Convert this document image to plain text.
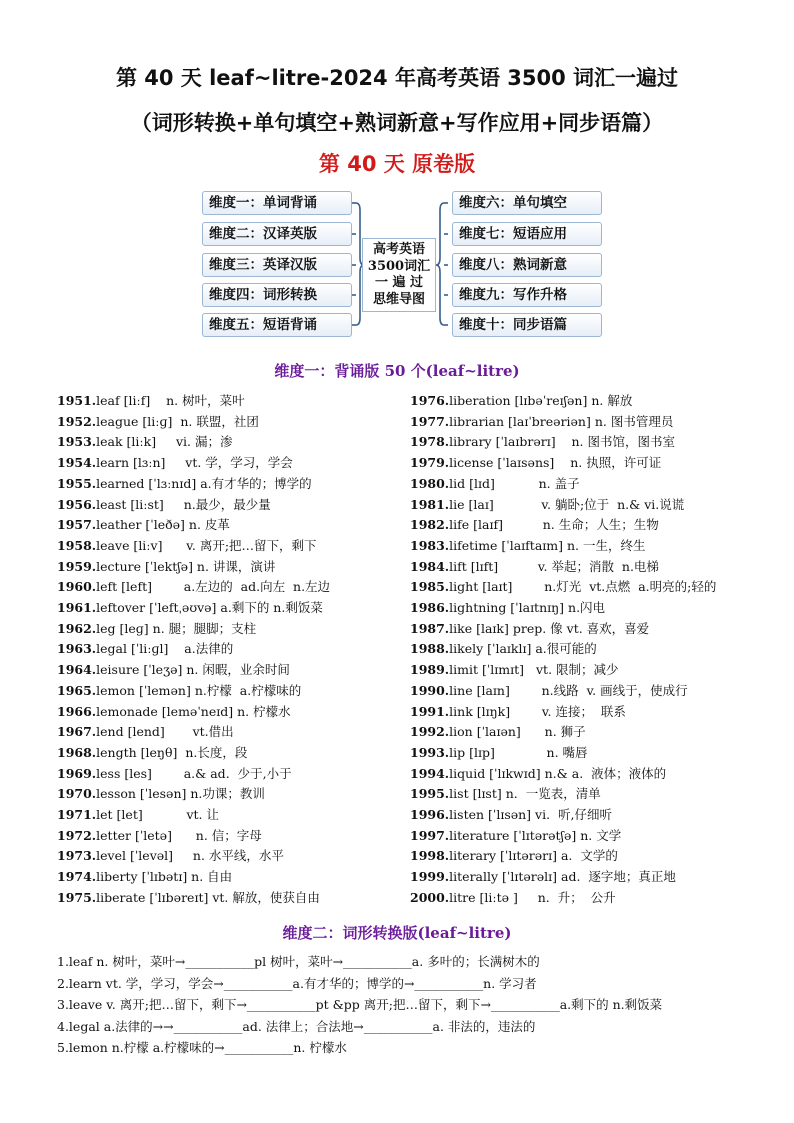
第 40 天 leaf~litre-2024 年高考英语 3500 词汇一遍过
（词形转换+单句填空+熟词新意+写作应用+同步语篇）
第 40 天 原卷版
维度一：单词背诵
维度二：汉译英版
维度三：英译汉版
维度四：词形转换
维度五：短语背诵
维度六：单句填空
维度七：短语应用
维度八：熟词新意
维度九：写作升格
维度十：同步语篇
高考英语
3500词汇
一 遍 过
思维导图
维度一：背诵版 50 个(leaf~litre)
1951.leaf [liːf]    n. 树叶，菜叶
1952.league [liːɡ]  n. 联盟，社团
1953.leak [liːk]     vi. 漏；渗
1954.learn [lɜːn]     vt. 学，学习，学会
1955.learned [ˈlɜːnɪd] a.有才华的；博学的
1956.least [liːst]     n.最少，最少量
1957.leather [ˈleðə] n. 皮革
1958.leave [liːv]      v. 离开;把…留下，剩下
1959.lecture [ˈlektʃə] n. 讲课，演讲
1960.left [left]        a.左边的  ad.向左  n.左边
1961.leftover [ˈleftˌəʊvə] a.剩下的 n.剩饭菜
1962.leg [leɡ] n. 腿；腿脚；支柱
1963.legal [ˈliːɡl]    a.法律的
1964.leisure [ˈleʒə] n. 闲暇，业余时间
1965.lemon [ˈlemən] n.柠檬  a.柠檬味的
1966.lemonade [leməˈneɪd] n. 柠檬水
1967.lend [lend]       vt.借出
1968.length [leŋθ]  n.长度，段
1969.less [les]        a.& ad.  少于,小于
1970.lesson [ˈlesən] n.功课；教训
1971.let [let]           vt. 让
1972.letter [ˈletə]      n. 信；字母
1973.level [ˈlevəl]     n. 水平线，水平
1974.liberty [ˈlɪbətɪ] n. 自由
1975.liberate [ˈlɪbəreɪt] vt. 解放，使获自由
1976.liberation [lɪbəˈreɪʃən] n. 解放
1977.librarian [laɪˈbreəriən] n. 图书管理员
1978.library [ˈlaɪbrərɪ]    n. 图书馆，图书室
1979.license [ˈlaɪsəns]    n. 执照，许可证
1980.lid [lɪd]           n. 盖子
1981.lie [laɪ]            v. 躺卧;位于  n.& vi.说谎
1982.life [laɪf]          n. 生命；人生；生物
1983.lifetime [ˈlaɪftaɪm] n. 一生，终生
1984.lift [lɪft]          v. 举起；消散  n.电梯
1985.light [laɪt]        n.灯光  vt.点燃  a.明亮的;轻的
1986.lightning [ˈlaɪtnɪŋ] n.闪电
1987.like [laɪk] prep. 像 vt. 喜欢，喜爱
1988.likely [ˈlaɪklɪ] a.很可能的
1989.limit [ˈlɪmɪt]   vt. 限制；减少
1990.line [laɪn]        n.线路  v. 画线于，使成行
1991.link [lɪŋk]        v. 连接；  联系
1992.lion [ˈlaɪən]      n. 狮子
1993.lip [lɪp]             n. 嘴唇
1994.liquid [ˈlɪkwɪd] n.& a.  液体；液体的
1995.list [lɪst] n.  一览表，清单
1996.listen [ˈlɪsən] vi.  听,仔细听
1997.literature [ˈlɪtərətʃə] n. 文学
1998.literary [ˈlɪtərərɪ] a.  文学的
1999.literally [ˈlɪtərəlɪ] ad.  逐字地；真正地
2000.litre [liːtə ]     n.  升；  公升
维度二：词形转换版(leaf~litre)
1.leaf n. 树叶，菜叶→___________pl 树叶，菜叶→___________a. 多叶的；长满树木的
2.learn vt. 学，学习，学会→___________a.有才华的；博学的→___________n. 学习者
3.leave v. 离开;把…留下，剩下→___________pt &pp 离开;把…留下，剩下→___________a.剩下的 n.剩饭菜
4.legal a.法律的→→___________ad. 法律上；合法地→___________a. 非法的，违法的
5.lemon n.柠檬 a.柠檬味的→___________n. 柠檬水
